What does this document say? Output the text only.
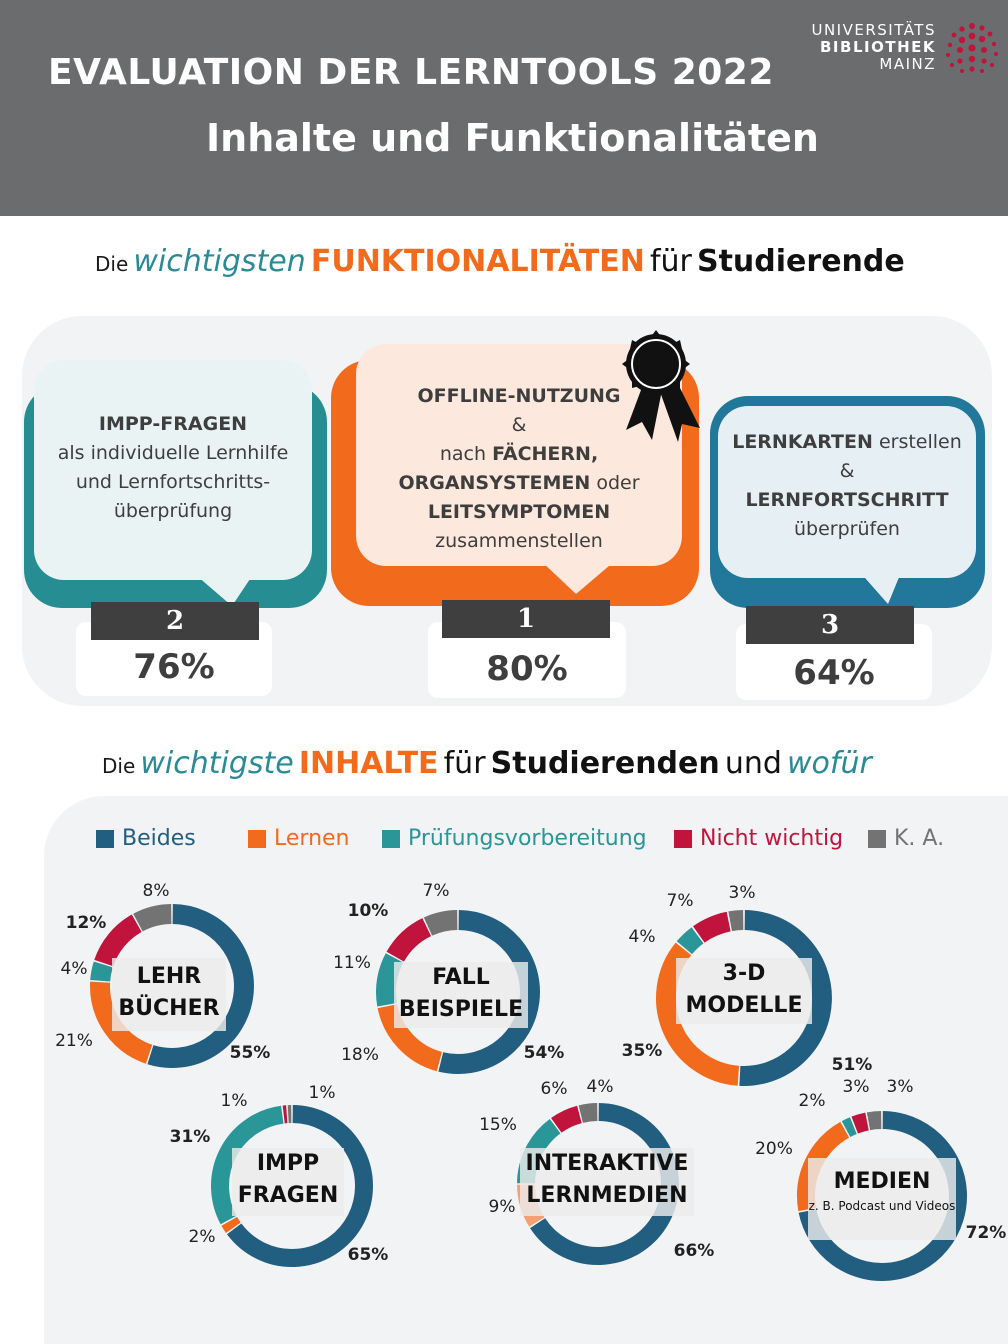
EVALUATION DER LERNTOOLS 2022
Inhalte und Funktionalitäten
UNIVERSITÄTS
BIBLIOTHEK
MAINZ
Die wichtigsten FUNKTIONALITÄTEN für Studierende
IMPP-FRAGEN
als individuelle Lernhilfe
und Lernfortschritts-
überprüfung
76%
2
OFFLINE-NUTZUNG
&
nach FÄCHERN,
ORGANSYSTEMEN oder
LEITSYMPTOMEN
zusammenstellen
80%
1
LERNKARTEN erstellen
&
LERNFORTSCHRITT
überprüfen
64%
3
Die wichtigste INHALTE für Studierenden und wofür
Beides	Lernen	Prüfungsvorbereitung Nicht wichtig K. A.
55%
21%
4%
12%
8%
54%
18%
11%
10%
7%
51%
35%
4%
7% 3%
65%
2%
31%
1%	1%
66%
9%
15%
6% 4%
72%
20%
2%
3% 3%
LEHR
BÜCHER
FALL
BEISPIELE
3-D
MODELLE
IMPP
FRAGEN
INTERAKTIVE
LERNMEDIEN
MEDIEN
z. B. Podcast und Videos
